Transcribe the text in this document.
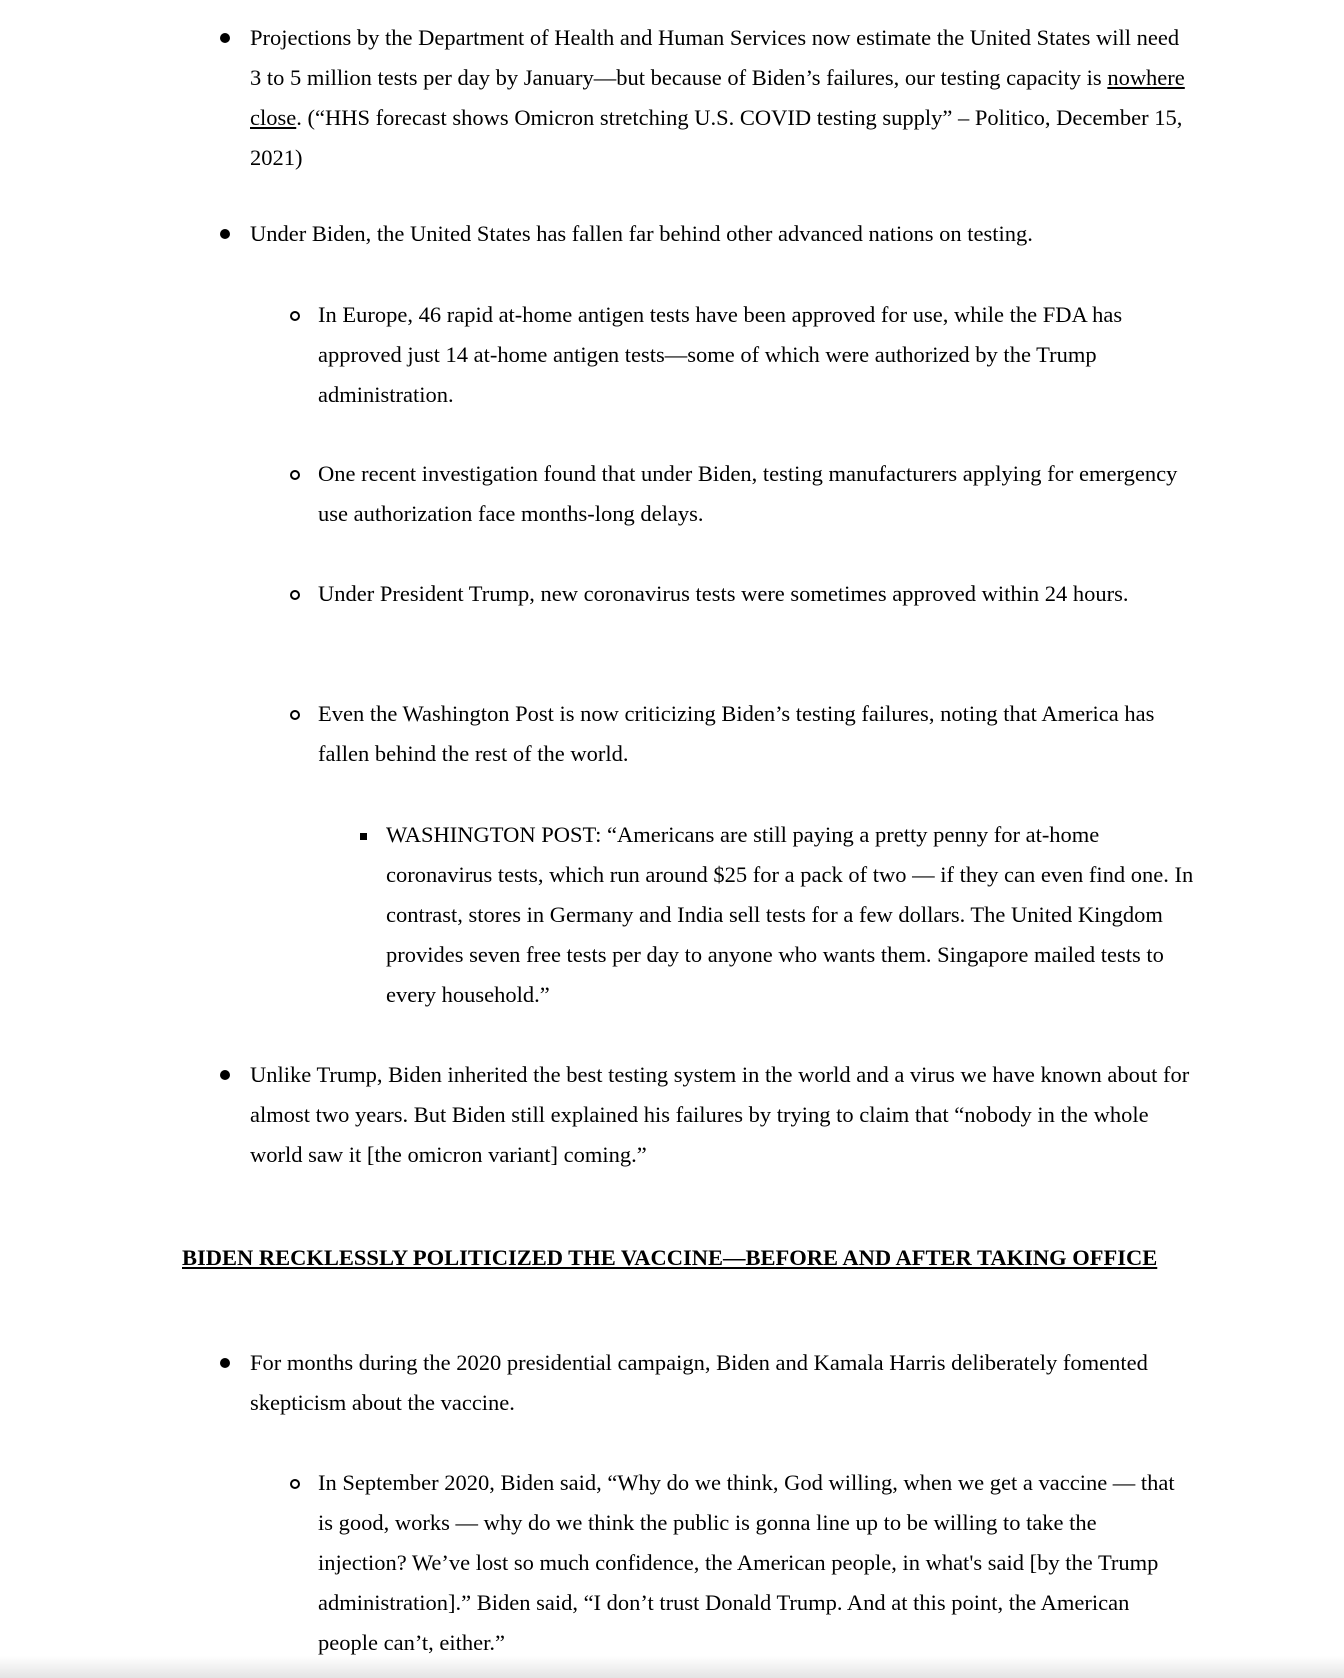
Projections by the Department of Health and Human Services now estimate the United States will need 3 to 5 million tests per day by January—but because of Biden’s failures, our testing capacity is nowhere close. (“HHS forecast shows Omicron stretching U.S. COVID testing supply” – Politico, December 15, 2021)

Under Biden, the United States has fallen far behind other advanced nations on testing.

In Europe, 46 rapid at-home antigen tests have been approved for use, while the FDA has approved just 14 at-home antigen tests—some of which were authorized by the Trump administration.

One recent investigation found that under Biden, testing manufacturers applying for emergency use authorization face months-long delays.

Under President Trump, new coronavirus tests were sometimes approved within 24 hours.

Even the Washington Post is now criticizing Biden’s testing failures, noting that America has fallen behind the rest of the world.

WASHINGTON POST: “Americans are still paying a pretty penny for at-home coronavirus tests, which run around $25 for a pack of two — if they can even find one. In contrast, stores in Germany and India sell tests for a few dollars. The United Kingdom provides seven free tests per day to anyone who wants them. Singapore mailed tests to every household.”

Unlike Trump, Biden inherited the best testing system in the world and a virus we have known about for almost two years. But Biden still explained his failures by trying to claim that “nobody in the whole world saw it [the omicron variant] coming.”

BIDEN RECKLESSLY POLITICIZED THE VACCINE—BEFORE AND AFTER TAKING OFFICE

For months during the 2020 presidential campaign, Biden and Kamala Harris deliberately fomented skepticism about the vaccine.

In September 2020, Biden said, “Why do we think, God willing, when we get a vaccine — that is good, works — why do we think the public is gonna line up to be willing to take the injection? We’ve lost so much confidence, the American people, in what's said [by the Trump administration].” Biden said, “I don’t trust Donald Trump. And at this point, the American people can’t, either.”
